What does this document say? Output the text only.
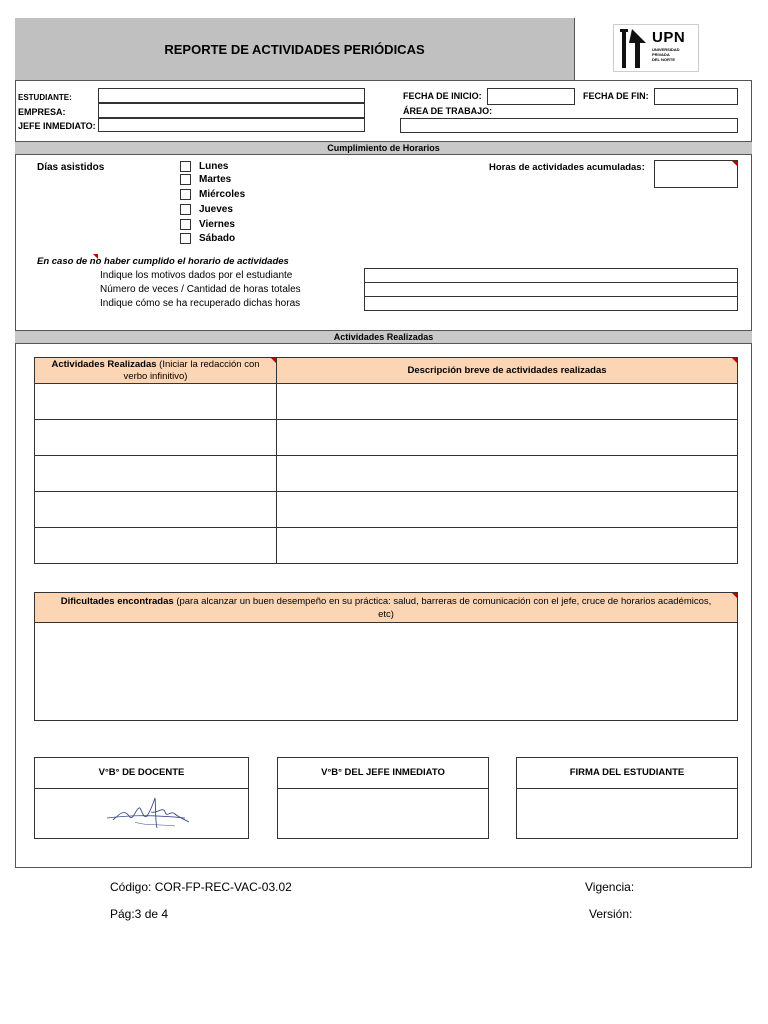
REPORTE DE ACTIVIDADES PERIÓDICAS
UPN
UNIVERSIDAD
PRIVADA
DEL NORTE
ESTUDIANTE:
EMPRESA:
JEFE INMEDIATO:
FECHA DE INICIO:	FECHA DE FIN:
ÁREA DE TRABAJO:
Cumplimiento de Horarios
Días asistidos	Lunes
Martes
Miércoles
Jueves
Viernes
Sábado
Horas de actividades acumuladas:
En caso de no haber cumplido el horario de actividades
Indique los motivos dados por el estudiante
Número de veces / Cantidad de horas totales
Indique cómo se ha recuperado dichas horas
Actividades Realizadas
Actividades Realizadas (Iniciar la redacción con verbo infinitivo)
Descripción breve de actividades realizadas
Dificultades encontradas (para alcanzar un buen desempeño en su práctica: salud, barreras de comunicación con el jefe, cruce de horarios académicos, etc)
V°B° DE DOCENTE	V°B° DEL JEFE INMEDIATO	FIRMA DEL ESTUDIANTE
Código: COR-FP-REC-VAC-03.02
Pág:3 de 4
Vigencia:
Versión:
